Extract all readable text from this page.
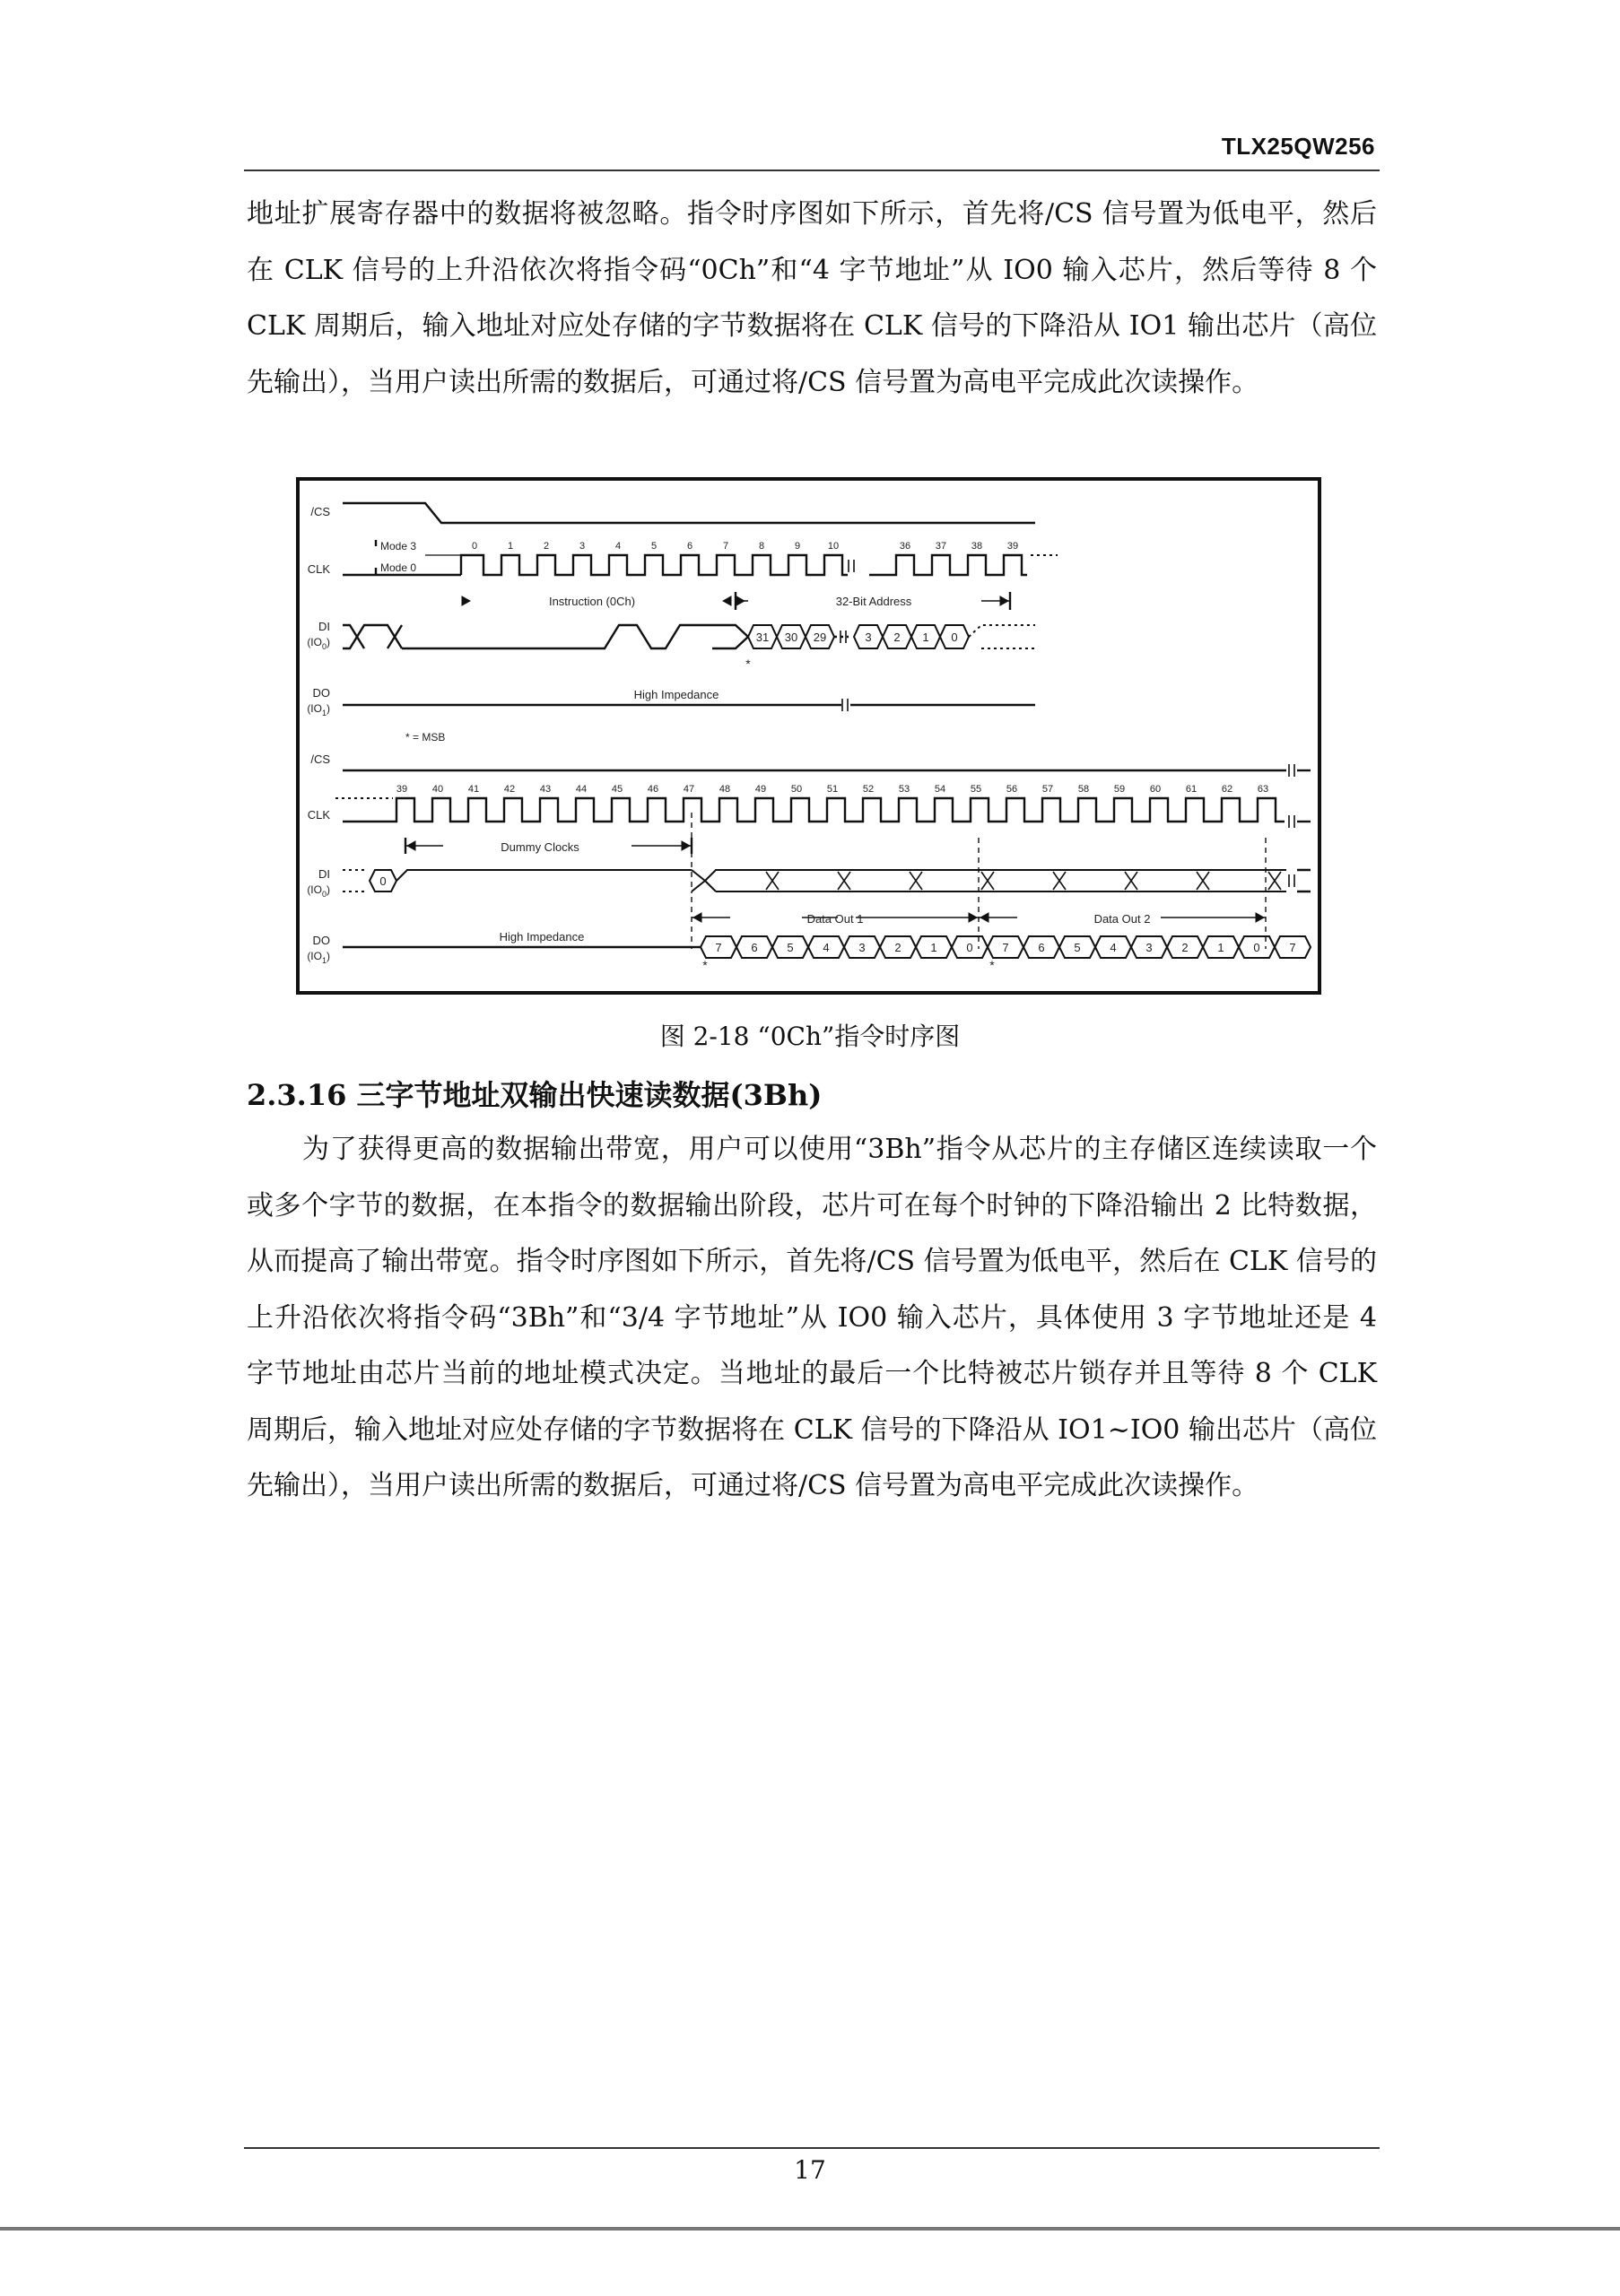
TLX25QW256

地址扩展寄存器中的数据将被忽略。指令时序图如下所示，首先将/CS 信号置为低电平，然后在 CLK 信号的上升沿依次将指令码“0Ch”和“4 字节地址”从 IO0 输入芯片，然后等待 8 个 CLK 周期后，输入地址对应处存储的字节数据将在 CLK 信号的下降沿从 IO1 输出芯片（高位先输出），当用户读出所需的数据后，可通过将/CS 信号置为高电平完成此次读操作。

/CS
CLK
Mode 3
Mode 0
0	1	2	3	4	5	6	7	8	9	10	36	37	38	39
Instruction (0Ch)	32-Bit Address
DI
$(IO_0)$	31 30 29	3 2 1 0
*
DO
$(IO_1)$
High Impedance
* = MSB
/CS
CLK
39	40	41	42	43	44	45	46	47	48	49	50	51	52	53	54	55	56	57	58	59	60	61	62	63
Dummy Clocks
DI
$(IO_0)$
0
Data Out 1	Data Out 2
DO
$(IO_1)$
High Impedance
7	6	5	4	3	2	1	0	7	6	5	4	3	2	1	0	7
*	*
图 2-18 “0Ch”指令时序图
2.3.16 三字节地址双输出快速读数据(3Bh)

为了获得更高的数据输出带宽，用户可以使用“3Bh”指令从芯片的主存储区连续读取一个或多个字节的数据，在本指令的数据输出阶段，芯片可在每个时钟的下降沿输出 2 比特数据，从而提高了输出带宽。指令时序图如下所示，首先将/CS 信号置为低电平，然后在 CLK 信号的上升沿依次将指令码“3Bh”和“3/4 字节地址”从 IO0 输入芯片，具体使用 3 字节地址还是 4 字节地址由芯片当前的地址模式决定。当地址的最后一个比特被芯片锁存并且等待 8 个 CLK 周期后，输入地址对应处存储的字节数据将在 CLK 信号的下降沿从 IO1~IO0 输出芯片（高位先输出），当用户读出所需的数据后，可通过将/CS 信号置为高电平完成此次读操作。

17
